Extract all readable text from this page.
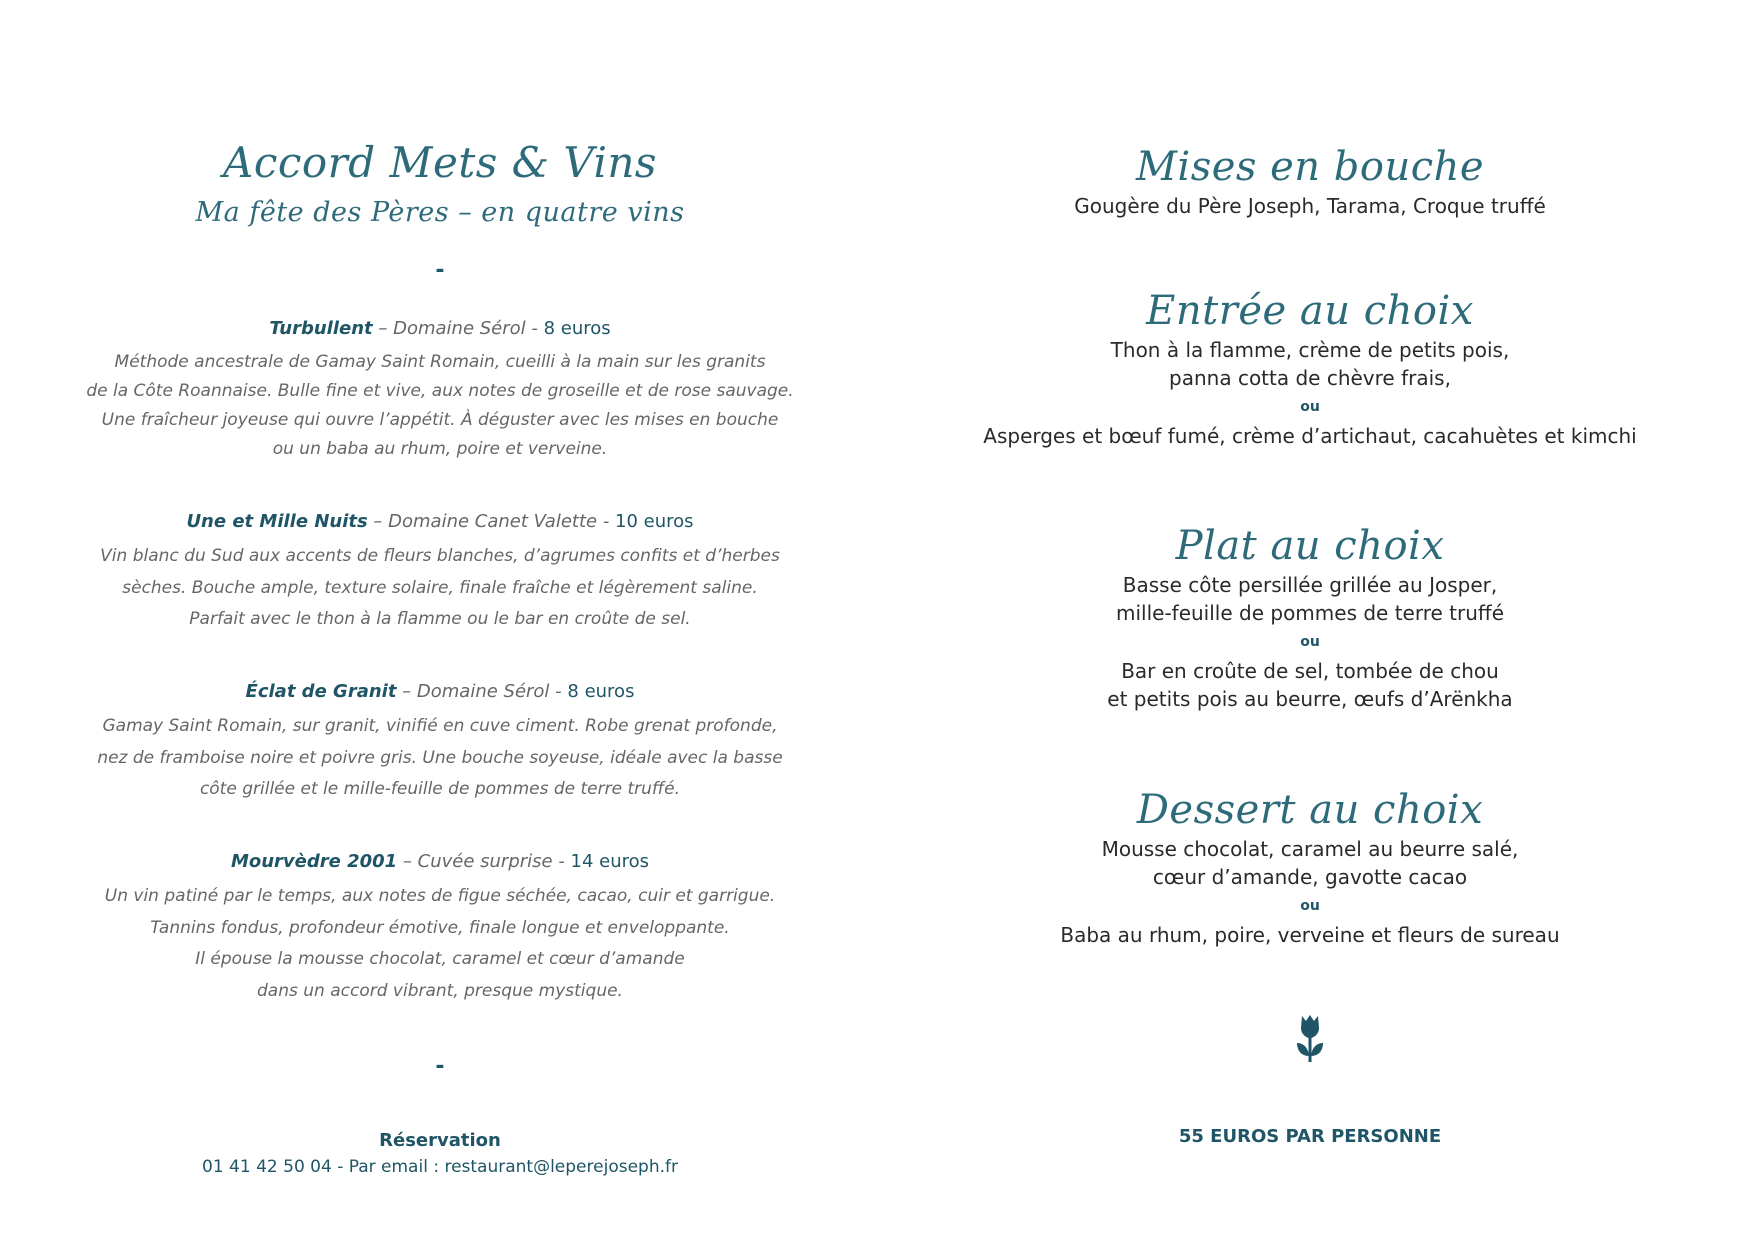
Accord Mets & Vins
Ma fête des Pères – en quatre vins
-
Turbullent – Domaine Sérol - 8 euros
Méthode ancestrale de Gamay Saint Romain, cueilli à la main sur les granits
de la Côte Roannaise. Bulle fine et vive, aux notes de groseille et de rose sauvage.
Une fraîcheur joyeuse qui ouvre l’appétit. À déguster avec les mises en bouche
ou un baba au rhum, poire et verveine.
Une et Mille Nuits – Domaine Canet Valette - 10 euros
Vin blanc du Sud aux accents de fleurs blanches, d’agrumes confits et d’herbes
sèches. Bouche ample, texture solaire, finale fraîche et légèrement saline.
Parfait avec le thon à la flamme ou le bar en croûte de sel.
Éclat de Granit – Domaine Sérol - 8 euros
Gamay Saint Romain, sur granit, vinifié en cuve ciment. Robe grenat profonde,
nez de framboise noire et poivre gris. Une bouche soyeuse, idéale avec la basse
côte grillée et le mille-feuille de pommes de terre truffé.
Mourvèdre 2001 – Cuvée surprise - 14 euros
Un vin patiné par le temps, aux notes de figue séchée, cacao, cuir et garrigue.
Tannins fondus, profondeur émotive, finale longue et enveloppante.
Il épouse la mousse chocolat, caramel et cœur d’amande
dans un accord vibrant, presque mystique.
-
Réservation
01 41 42 50 04 - Par email : restaurant@leperejoseph.fr
Mises en bouche
Gougère du Père Joseph, Tarama, Croque truffé
Entrée au choix
Thon à la flamme, crème de petits pois,
panna cotta de chèvre frais,
ou
Asperges et bœuf fumé, crème d’artichaut, cacahuètes et kimchi
Plat au choix
Basse côte persillée grillée au Josper,
mille-feuille de pommes de terre truffé
ou
Bar en croûte de sel, tombée de chou
et petits pois au beurre, œufs d’Arënkha
Dessert au choix
Mousse chocolat, caramel au beurre salé,
cœur d’amande, gavotte cacao
ou
Baba au rhum, poire, verveine et fleurs de sureau
55 EUROS PAR PERSONNE
